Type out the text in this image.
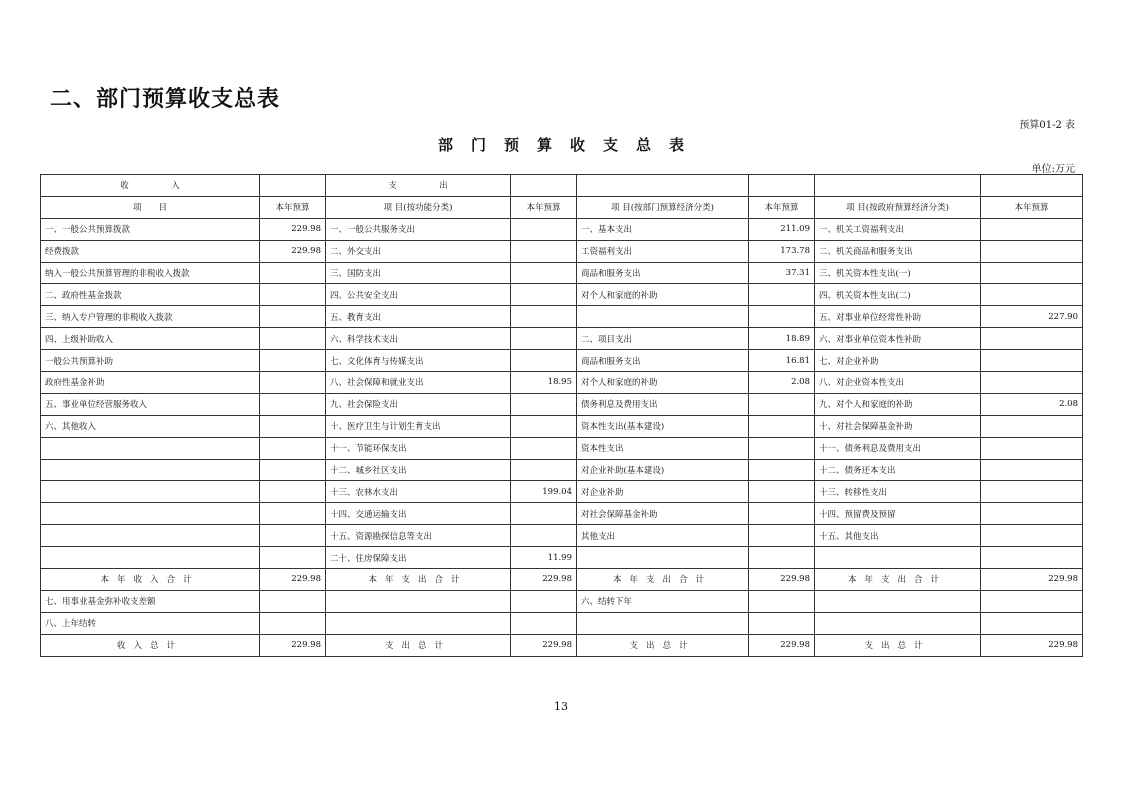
二、部门预算收支总表
预算01-2 表
部门预算收支总表
单位:万元
收　　　　　入		支　　　　　出					
项　　目	本年预算	项 目(按功能分类)	本年预算	项 目(按部门预算经济分类)	本年预算	项 目(按政府预算经济分类)	本年预算
一、一般公共预算拨款	229.98	一、一般公共服务支出		一、基本支出	211.09	一、机关工资福利支出	
经费拨款	229.98	二、外交支出		工资福利支出	173.78	二、机关商品和服务支出	
纳入一般公共预算管理的非税收入拨款		三、国防支出		商品和服务支出	37.31	三、机关资本性支出(一)	
二、政府性基金拨款		四、公共安全支出		对个人和家庭的补助		四、机关资本性支出(二)	
三、纳入专户管理的非税收入拨款		五、教育支出				五、对事业单位经常性补助	227.90
四、上级补助收入		六、科学技术支出		二、项目支出	18.89	六、对事业单位资本性补助	
一般公共预算补助		七、文化体育与传媒支出		商品和服务支出	16.81	七、对企业补助	
政府性基金补助		八、社会保障和就业支出	18.95	对个人和家庭的补助	2.08	八、对企业资本性支出	
五、事业单位经营服务收入		九、社会保险支出		债务利息及费用支出		九、对个人和家庭的补助	2.08
六、其他收入		十、医疗卫生与计划生育支出		资本性支出(基本建设)		十、对社会保障基金补助	
		十一、节能环保支出		资本性支出		十一、债务利息及费用支出	
		十二、城乡社区支出		对企业补助(基本建设)		十二、债务还本支出	
		十三、农林水支出	199.04	对企业补助		十三、转移性支出	
		十四、交通运输支出		对社会保障基金补助		十四、预留费及预留	
		十五、资源勘探信息等支出		其他支出		十五、其他支出	
		二十、住房保障支出	11.99				
本年收入合计	229.98	本年支出合计	229.98	本年支出合计	229.98	本年支出合计	229.98
七、用事业基金弥补收支差额				六、结转下年			
八、上年结转							
收入总计	229.98	支出总计	229.98	支出总计	229.98	支出总计	229.98
13
